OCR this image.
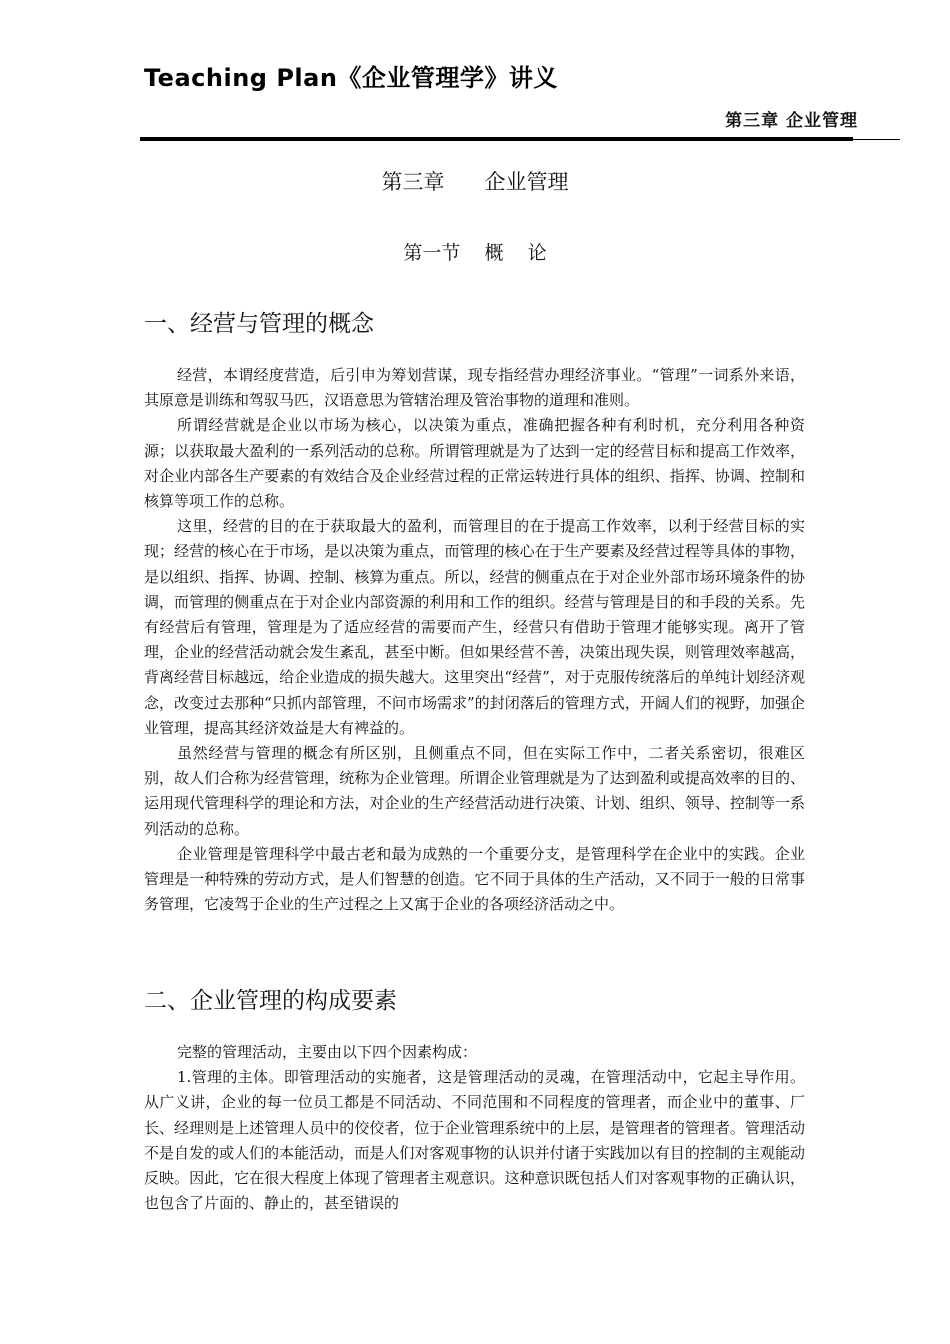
Teaching Plan《企业管理学》讲义
第三章 企业管理
第三章      企业管理
第一节    概    论
一、经营与管理的概念

经营，本谓经度营造，后引申为筹划营谋，现专指经营办理经济事业。“管理”一词系外来语，其原意是训练和驾驭马匹，汉语意思为管辖治理及管治事物的道理和准则。

所谓经营就是企业以市场为核心，以决策为重点，准确把握各种有利时机，充分利用各种资源；以获取最大盈利的一系列活动的总称。所谓管理就是为了达到一定的经营目标和提高工作效率，对企业内部各生产要素的有效结合及企业经营过程的正常运转进行具体的组织、指挥、协调、控制和核算等项工作的总称。

这里，经营的目的在于获取最大的盈利，而管理目的在于提高工作效率，以利于经营目标的实现；经营的核心在于市场，是以决策为重点，而管理的核心在于生产要素及经营过程等具体的事物，是以组织、指挥、协调、控制、核算为重点。所以，经营的侧重点在于对企业外部市场环境条件的协调，而管理的侧重点在于对企业内部资源的利用和工作的组织。经营与管理是目的和手段的关系。先有经营后有管理，管理是为了适应经营的需要而产生，经营只有借助于管理才能够实现。离开了管理，企业的经营活动就会发生紊乱，甚至中断。但如果经营不善，决策出现失误，则管理效率越高，背离经营目标越远，给企业造成的损失越大。这里突出“经营”，对于克服传统落后的单纯计划经济观念，改变过去那种“只抓内部管理，不问市场需求”的封闭落后的管理方式，开阔人们的视野，加强企业管理，提高其经济效益是大有裨益的。

虽然经营与管理的概念有所区别，且侧重点不同，但在实际工作中，二者关系密切，很难区别，故人们合称为经营管理，统称为企业管理。所谓企业管理就是为了达到盈利或提高效率的目的、运用现代管理科学的理论和方法，对企业的生产经营活动进行决策、计划、组织、领导、控制等一系列活动的总称。

企业管理是管理科学中最古老和最为成熟的一个重要分支，是管理科学在企业中的实践。企业管理是一种特殊的劳动方式，是人们智慧的创造。它不同于具体的生产活动，又不同于一般的日常事务管理，它凌驾于企业的生产过程之上又寓于企业的各项经济活动之中。

二、企业管理的构成要素

完整的管理活动，主要由以下四个因素构成：

1.管理的主体。即管理活动的实施者，这是管理活动的灵魂，在管理活动中，它起主导作用。从广义讲，企业的每一位员工都是不同活动、不同范围和不同程度的管理者，而企业中的董事、厂长、经理则是上述管理人员中的佼佼者，位于企业管理系统中的上层，是管理者的管理者。管理活动不是自发的或人们的本能活动，而是人们对客观事物的认识并付诸于实践加以有目的控制的主观能动反映。因此，它在很大程度上体现了管理者主观意识。这种意识既包括人们对客观事物的正确认识，也包含了片面的、静止的，甚至错误的
